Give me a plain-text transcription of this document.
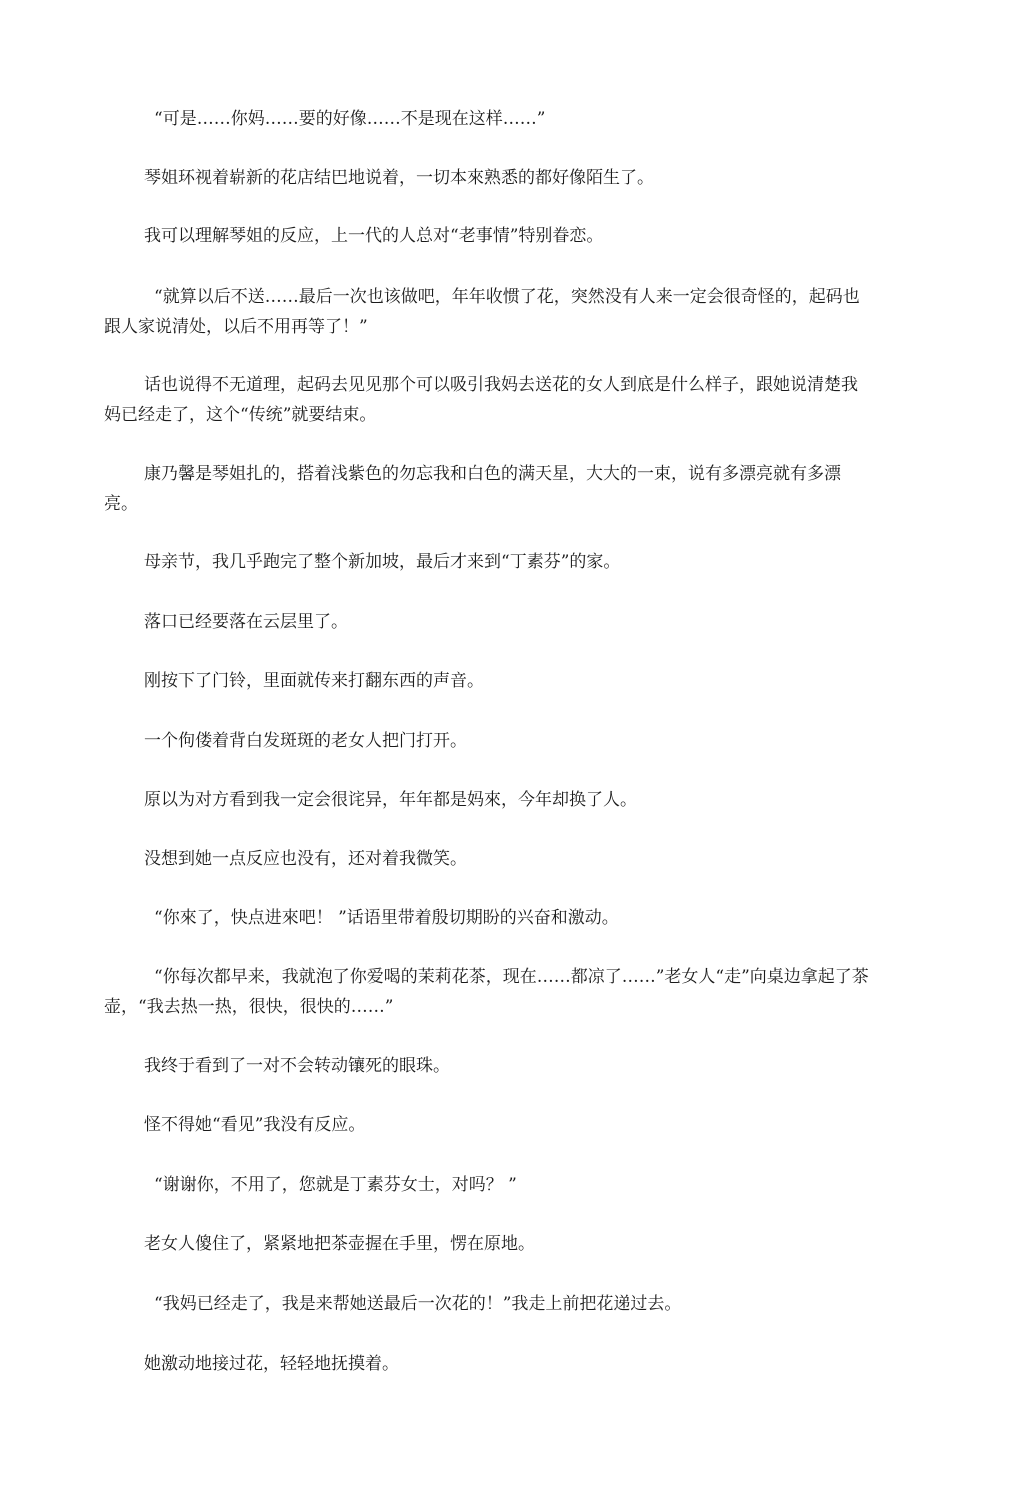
“可是……你妈……要的好像……不是现在这样……”

琴姐环视着崭新的花店结巴地说着，一切本來熟悉的都好像陌生了。

我可以理解琴姐的反应，上一代的人总对“老事情”特别眷恋。

“就算以后不送……最后一次也该做吧，年年收惯了花，突然没有人来一定会很奇怪的，起码也跟人家说清处，以后不用再等了！”

话也说得不无道理，起码去见见那个可以吸引我妈去送花的女人到底是什么样子，跟她说清楚我妈已经走了，这个“传统”就要结束。

康乃馨是琴姐扎的，搭着浅紫色的勿忘我和白色的满天星，大大的一束，说有多漂亮就有多漂亮。

母亲节，我几乎跑完了整个新加坡，最后才来到“丁素芬”的家。

落口已经要落在云层里了。

刚按下了门铃，里面就传来打翻东西的声音。

一个佝偻着背白发斑斑的老女人把门打开。

原以为对方看到我一定会很诧异，年年都是妈來，今年却换了人。

没想到她一点反应也没有，还对着我微笑。

“你來了，快点进來吧！ ”话语里带着殷切期盼的兴奋和激动。

“你每次都早来，我就泡了你爱喝的茉莉花茶，现在……都凉了……”老女人“走”向桌边拿起了茶壶，“我去热一热，很快，很快的……”

我终于看到了一对不会转动镶死的眼珠。

怪不得她“看见”我没有反应。

“谢谢你，不用了，您就是丁素芬女士，对吗？ ”

老女人傻住了，紧紧地把茶壶握在手里，愣在原地。

“我妈已经走了，我是来帮她送最后一次花的！”我走上前把花递过去。

她激动地接过花，轻轻地抚摸着。
